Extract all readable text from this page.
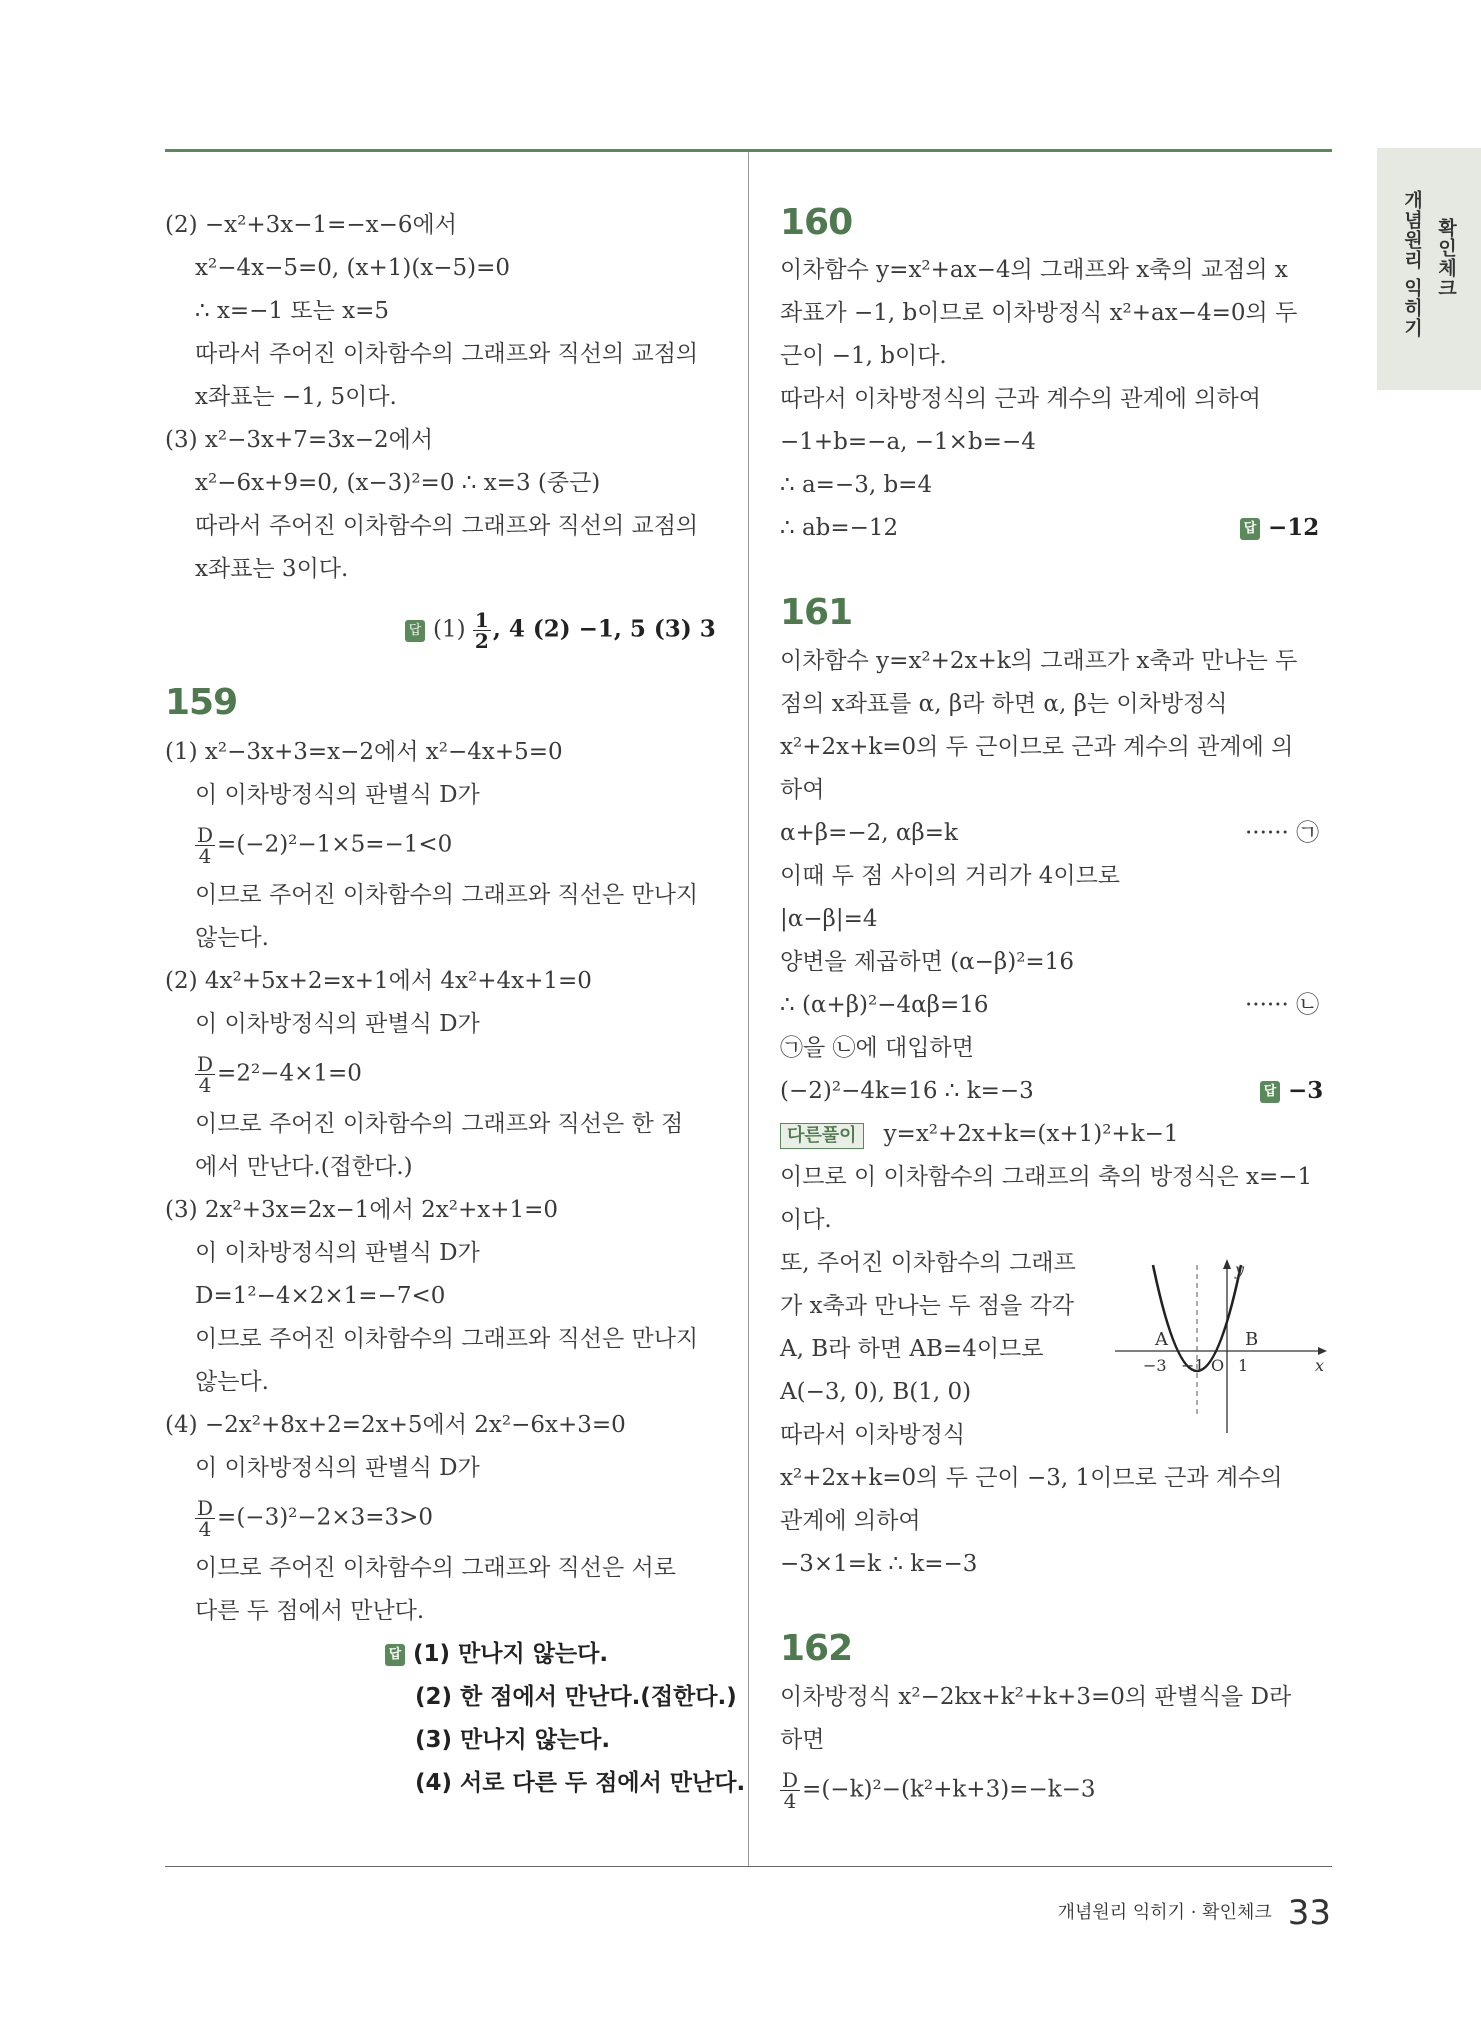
확인체크
개념원리 익히기
(2) −x²+3x−1=−x−6에서
x²−4x−5=0, (x+1)(x−5)=0
∴ x=−1 또는 x=5
따라서 주어진 이차함수의 그래프와 직선의 교점의
x좌표는 −1, 5이다.
(3) x²−3x+7=3x−2에서
x²−6x+9=0, (x−3)²=0 ∴ x=3 (중근)
따라서 주어진 이차함수의 그래프와 직선의 교점의
x좌표는 3이다.
답 $(1) \frac{1}{2}$ , 4 (2) −1, 5 (3) 3
159
(1) x²−3x+3=x−2에서 x²−4x+5=0
이 이차방정식의 판별식 D가
$\frac{D}{4} =(-2)^2-1\times 5=-1<0$
이므로 주어진 이차함수의 그래프와 직선은 만나지
않는다.
(2) 4x²+5x+2=x+1에서 4x²+4x+1=0
이 이차방정식의 판별식 D가
$\frac{D}{4} =2^2-4\times 1=0$
이므로 주어진 이차함수의 그래프와 직선은 한 점
에서 만난다.(접한다.)
(3) 2x²+3x=2x−1에서 2x²+x+1=0
이 이차방정식의 판별식 D가
D=1²−4×2×1=−7<0
이므로 주어진 이차함수의 그래프와 직선은 만나지
않는다.
(4) −2x²+8x+2=2x+5에서 2x²−6x+3=0
이 이차방정식의 판별식 D가
$\frac{D}{4} =(-3)^2-2\times 3=3>0$
이므로 주어진 이차함수의 그래프와 직선은 서로
다른 두 점에서 만난다.
답 (1) 만나지 않는다.
(2) 한 점에서 만난다.(접한다.)
(3) 만나지 않는다.
(4) 서로 다른 두 점에서 만난다.
160
이차함수 y=x²+ax−4의 그래프와 x축의 교점의 x
좌표가 −1, b이므로 이차방정식 x²+ax−4=0의 두
근이 −1, b이다.
따라서 이차방정식의 근과 계수의 관계에 의하여
−1+b=−a, −1×b=−4
∴ a=−3, b=4
∴ ab=−12	답 −12
161
이차함수 y=x²+2x+k의 그래프가 x축과 만나는 두
점의 x좌표를 α, β라 하면 α, β는 이차방정식
x²+2x+k=0의 두 근이므로 근과 계수의 관계에 의
하여
α+β=−2, αβ=k	······ ㉠
이때 두 점 사이의 거리가 4이므로
|α−β|=4
양변을 제곱하면 (α−β)²=16
∴ (α+β)²−4αβ=16	······ ㉡
㉠을 ㉡에 대입하면
(−2)²−4k=16 ∴ k=−3	답 −3
다른풀이 y=x²+2x+k=(x+1)²+k−1
이므로 이 이차함수의 그래프의 축의 방정식은 x=−1
이다.
또, 주어진 이차함수의 그래프
가 x축과 만나는 두 점을 각각
A, B라 하면 AB=4이므로
A(−3, 0), B(1, 0)
따라서 이차방정식
x²+2x+k=0의 두 근이 −3, 1이므로 근과 계수의
관계에 의하여
−3×1=k ∴ k=−3
y
x
A	B
−3 −1 O 1
162
이차방정식 x²−2kx+k²+k+3=0의 판별식을 D라
하면
$\frac{D}{4} =(-k)^2-(k^2+k+3)=-k-3$
개념원리 익히기 · 확인체크 33
